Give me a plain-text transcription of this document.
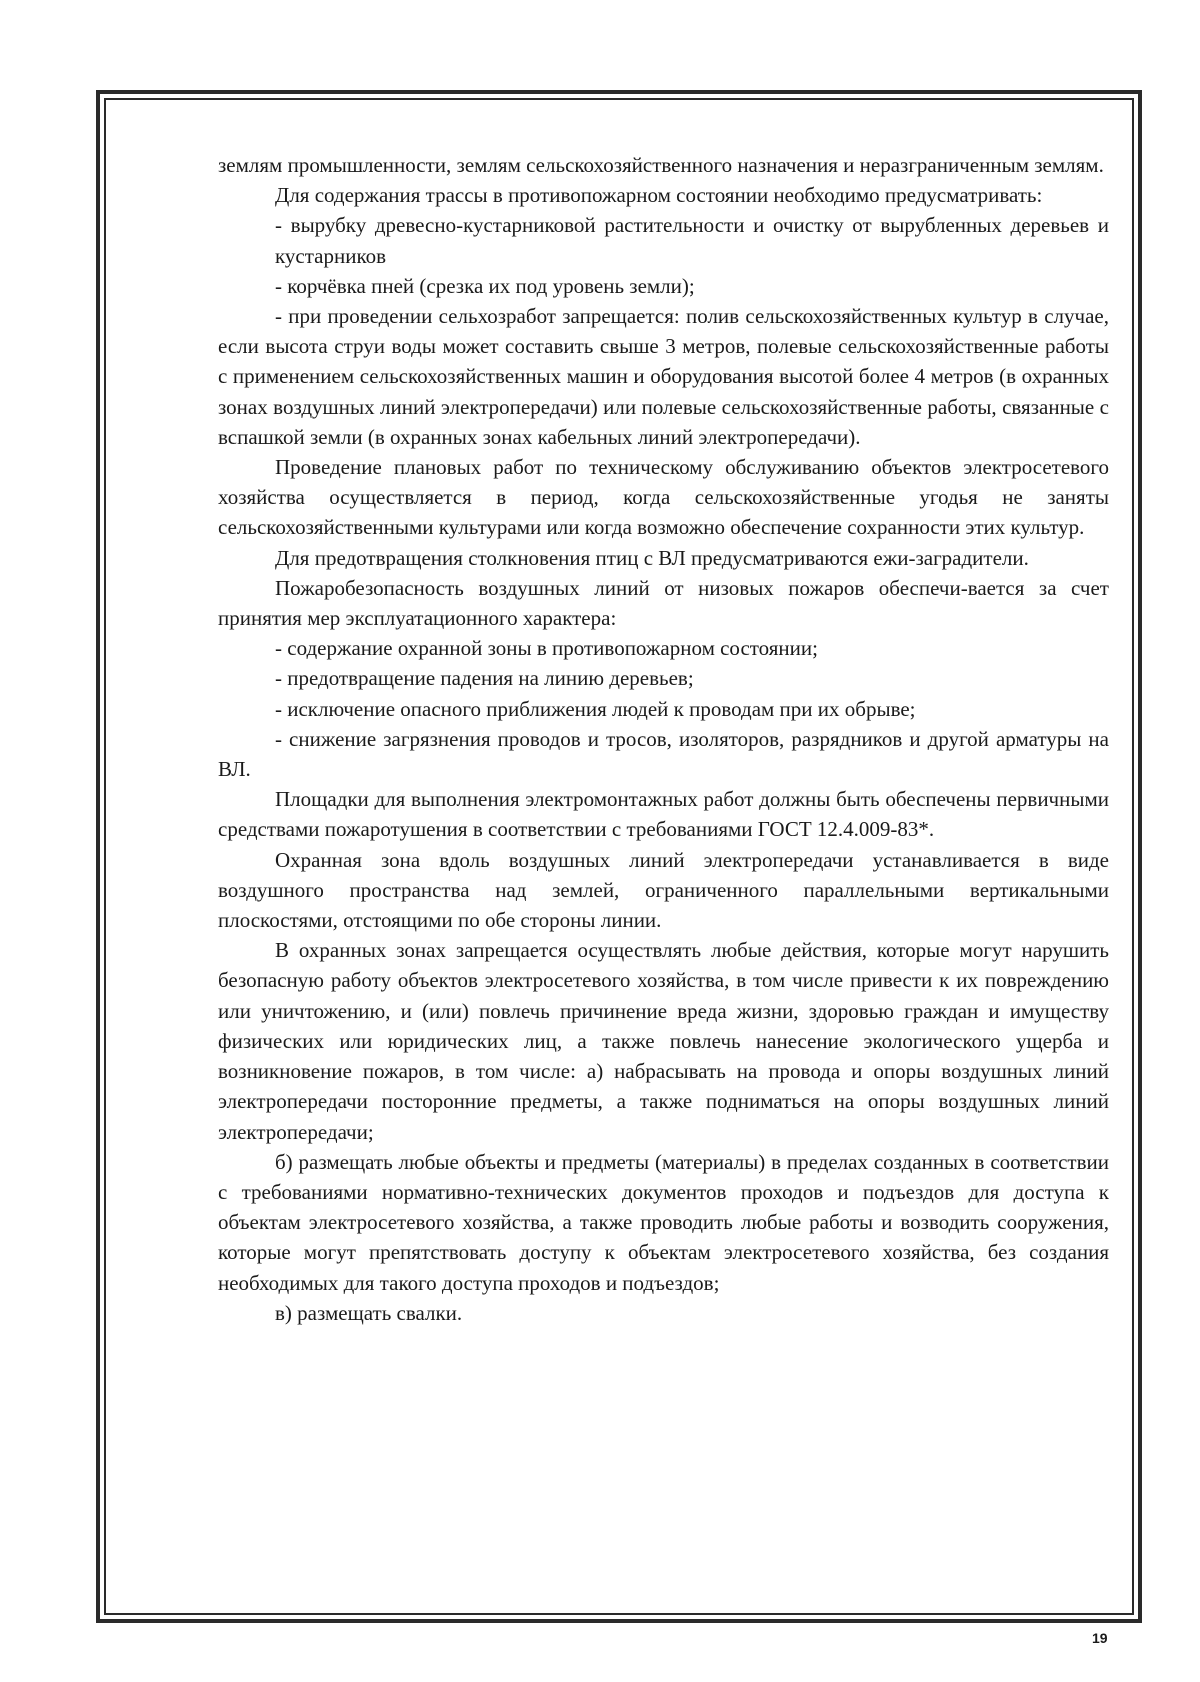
землям промышленности, землям сельскохозяйственного назначения и неразграниченным землям.

Для содержания трассы в противопожарном состоянии необходимо предусматривать:

- вырубку древесно-кустарниковой растительности и очистку от вырубленных деревьев и кустарников

- корчёвка пней (срезка их под уровень земли);

- при проведении сельхозработ запрещается: полив сельскохозяйственных культур в случае, если высота струи воды может составить свыше 3 метров, полевые сельскохозяйственные работы с применением сельскохозяйственных машин и оборудования высотой более 4 метров (в охранных зонах воздушных линий электропередачи) или полевые сельскохозяйственные работы, связанные с вспашкой земли (в охранных зонах кабельных линий электропередачи).

Проведение плановых работ по техническому обслуживанию объектов электросетевого хозяйства осуществляется в период, когда сельскохозяйственные угодья не заняты сельскохозяйственными культурами или когда возможно обеспечение сохранности этих культур.

Для предотвращения столкновения птиц с ВЛ предусматриваются ежи-заградители.

Пожаробезопасность воздушных линий от низовых пожаров обеспечи-вается за счет принятия мер эксплуатационного характера:

- содержание охранной зоны в противопожарном состоянии;

- предотвращение падения на линию деревьев;

- исключение опасного приближения людей к проводам при их обрыве;

- снижение загрязнения проводов и тросов, изоляторов, разрядников и другой арматуры на ВЛ.

Площадки для выполнения электромонтажных работ должны быть обеспечены первичными средствами пожаротушения в соответствии с требованиями ГОСТ 12.4.009-83*.

Охранная зона вдоль воздушных линий электропередачи устанавливается в виде воздушного пространства над землей, ограниченного параллельными вертикальными плоскостями, отстоящими по обе стороны линии.

В охранных зонах запрещается осуществлять любые действия, которые могут нарушить безопасную работу объектов электросетевого хозяйства, в том числе привести к их повреждению или уничтожению, и (или) повлечь причинение вреда жизни, здоровью граждан и имуществу физических или юридических лиц, а также повлечь нанесение экологического ущерба и возникновение пожаров, в том числе: а) набрасывать на провода и опоры воздушных линий электропередачи посторонние предметы, а также подниматься на опоры воздушных линий электропередачи;

б) размещать любые объекты и предметы (материалы) в пределах созданных в соответствии с требованиями нормативно-технических документов проходов и подъездов для доступа к объектам электросетевого хозяйства, а также проводить любые работы и возводить сооружения, которые могут препятствовать доступу к объектам электросетевого хозяйства, без создания необходимых для такого доступа проходов и подъездов;

в) размещать свалки.

19
